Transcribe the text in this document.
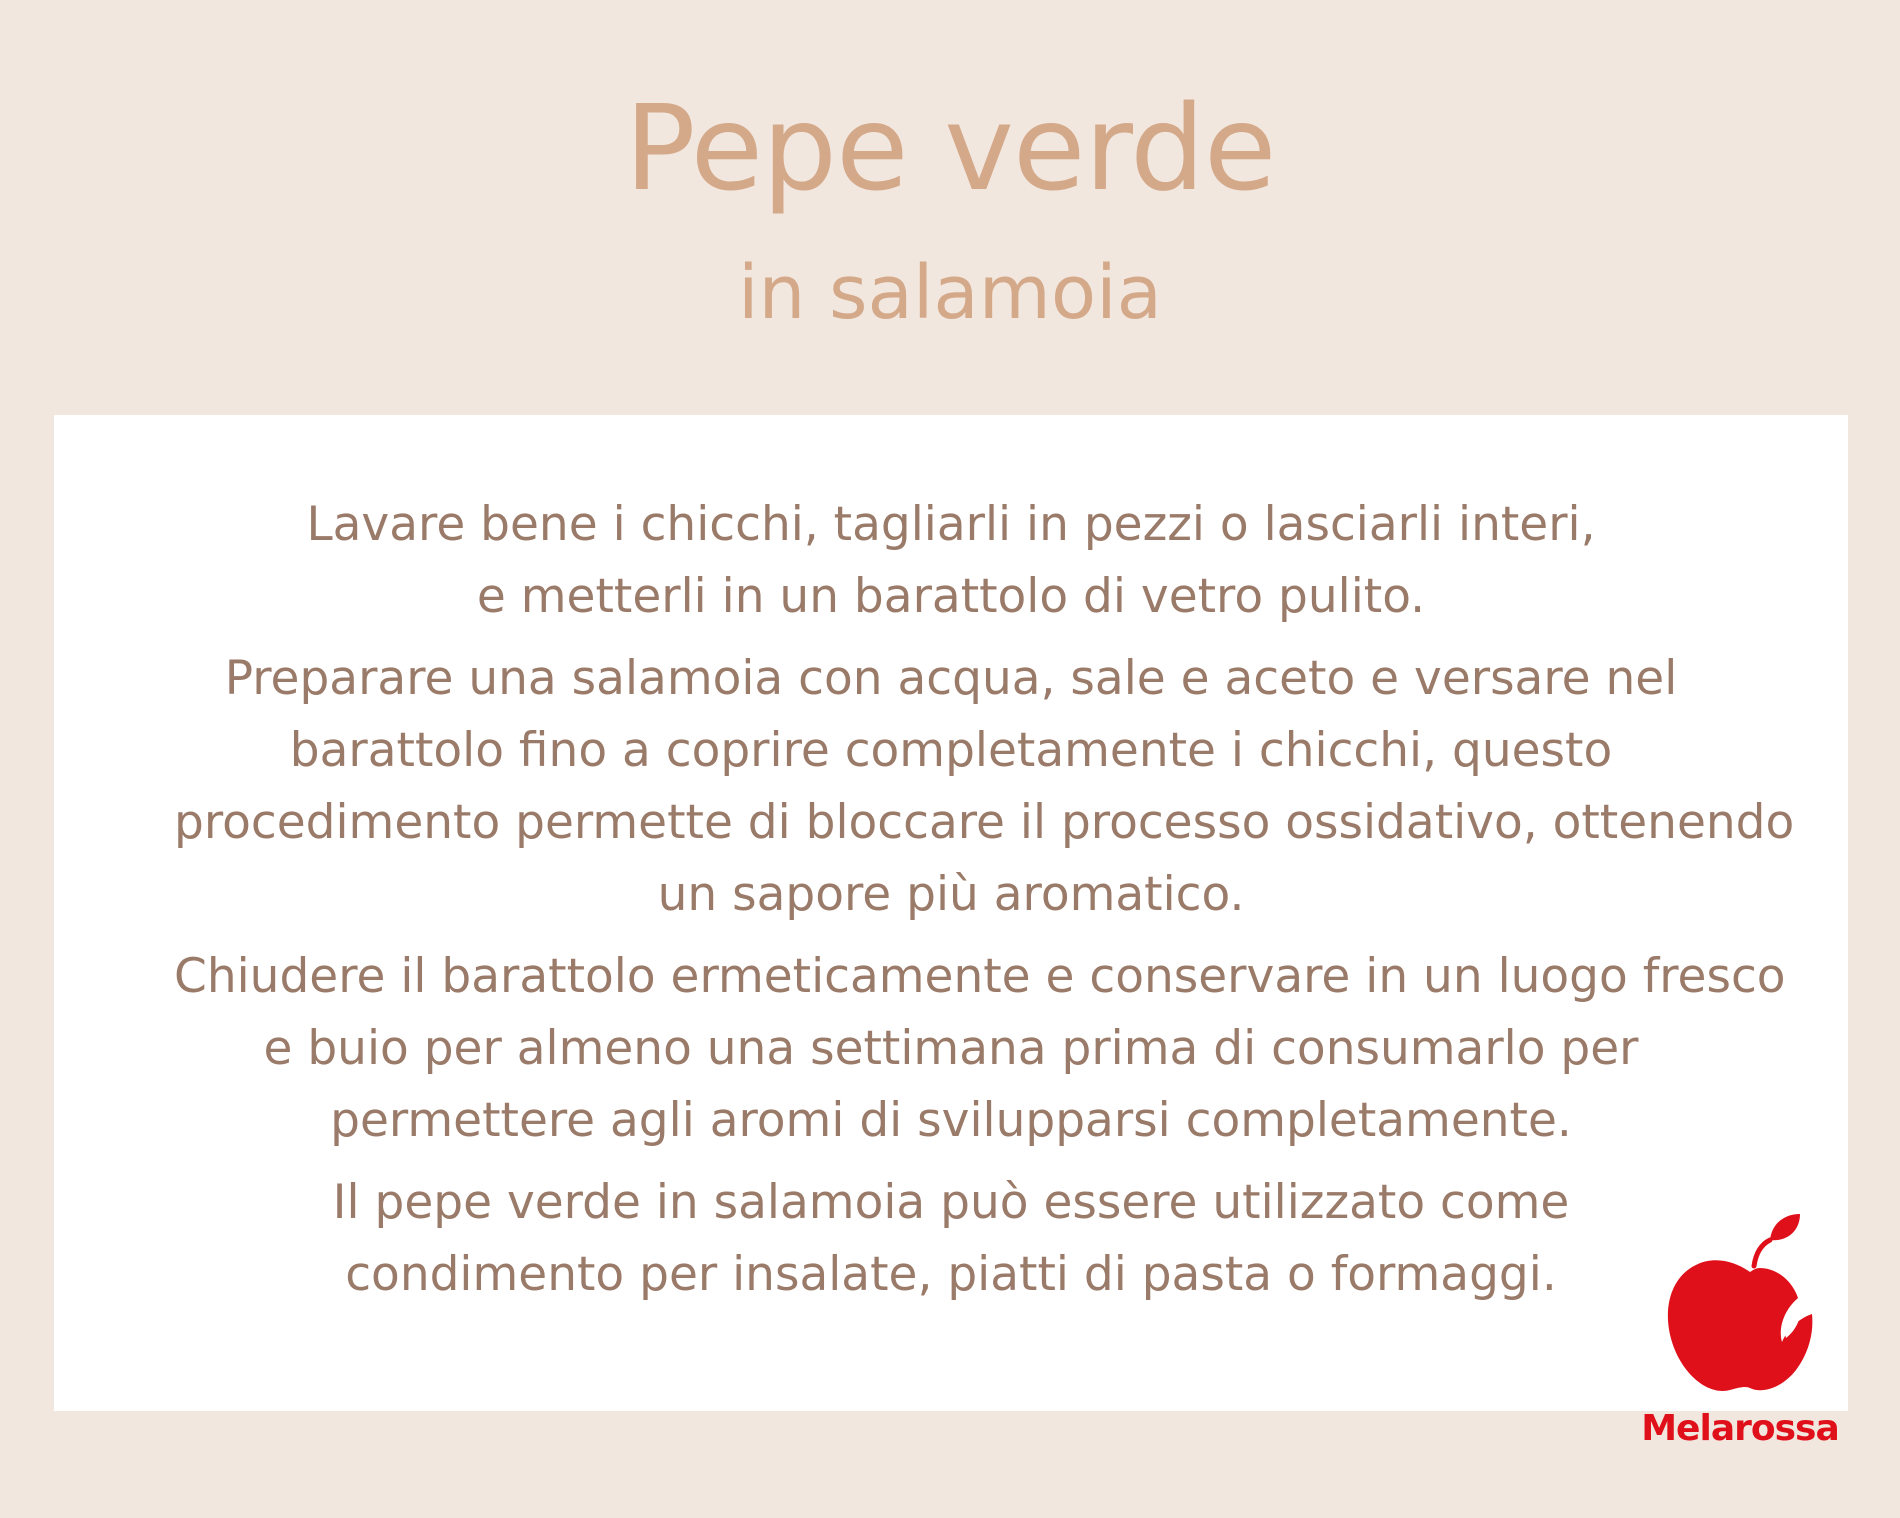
Pepe verde
in salamoia

Lavare bene i chicchi, tagliarli in pezzi o lasciarli interi,
e metterli in un barattolo di vetro pulito.

Preparare una salamoia con acqua, sale e aceto e versare nel
barattolo fino a coprire completamente i chicchi, questo
procedimento permette di bloccare il processo ossidativo, ottenendo
un sapore più aromatico.

Chiudere il barattolo ermeticamente e conservare in un luogo fresco
e buio per almeno una settimana prima di consumarlo per
permettere agli aromi di svilupparsi completamente.

Il pepe verde in salamoia può essere utilizzato come
condimento per insalate, piatti di pasta o formaggi.

Melarossa
